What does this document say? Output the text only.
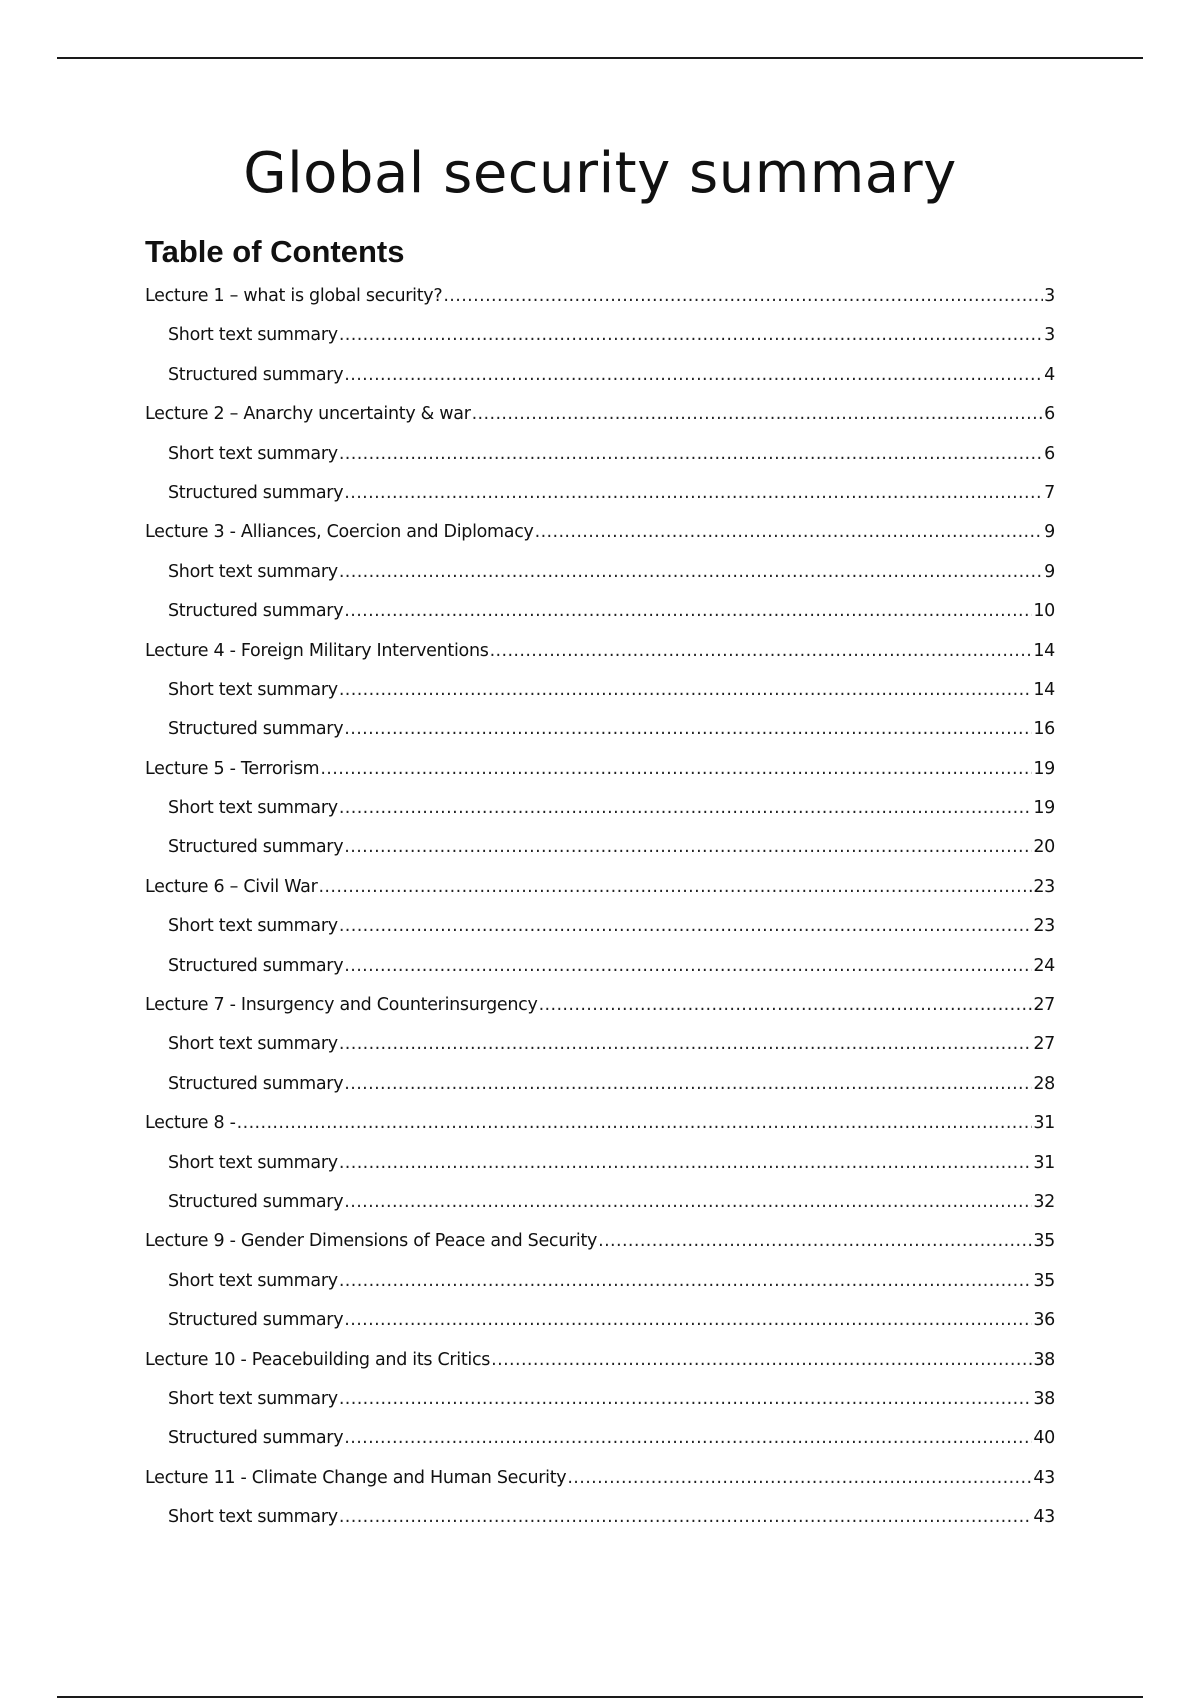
Global security summary
Table of Contents
Lecture 1 – what is global security? .....	3
Short text summary .....	3
Structured summary .....	4
Lecture 2 – Anarchy uncertainty & war .....	6
Short text summary .....	6
Structured summary .....	7
Lecture 3 - Alliances, Coercion and Diplomacy .....	9
Short text summary .....	9
Structured summary .....	10
Lecture 4 - Foreign Military Interventions .....	14
Short text summary .....	14
Structured summary .....	16
Lecture 5 - Terrorism .....	19
Short text summary .....	19
Structured summary .....	20
Lecture 6 – Civil War .....	23
Short text summary .....	23
Structured summary .....	24
Lecture 7 - Insurgency and Counterinsurgency .....	27
Short text summary .....	27
Structured summary .....	28
Lecture 8 - .....	31
Short text summary .....	31
Structured summary .....	32
Lecture 9 - Gender Dimensions of Peace and Security .....	35
Short text summary .....	35
Structured summary .....	36
Lecture 10 - Peacebuilding and its Critics .....	38
Short text summary .....	38
Structured summary .....	40
Lecture 11 - Climate Change and Human Security .....	43
Short text summary .....	43
